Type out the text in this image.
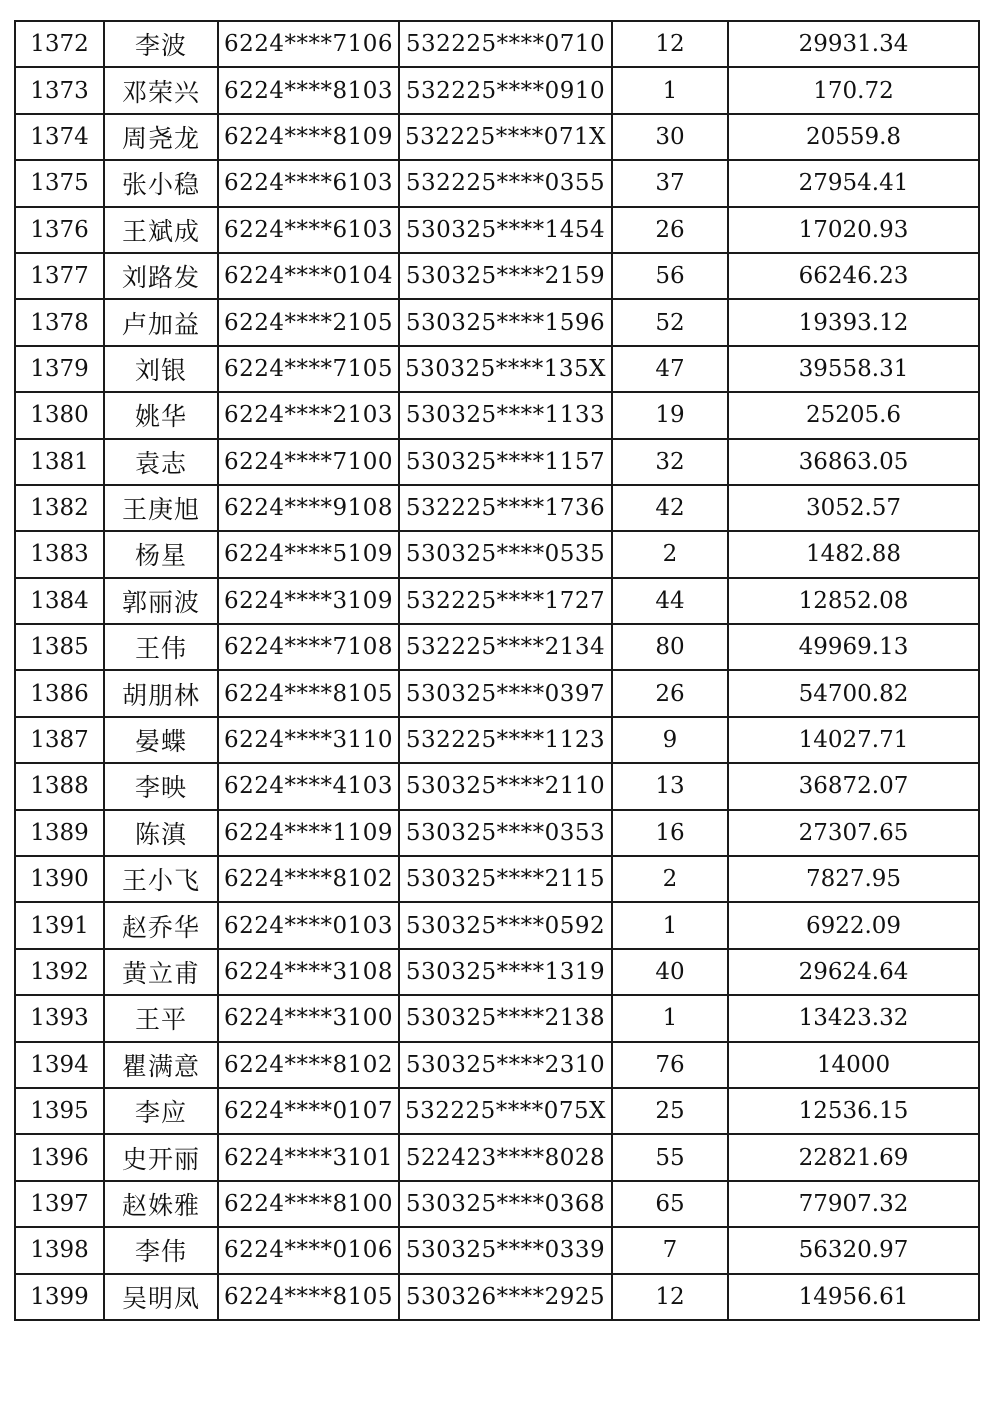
1372	李波	6224****7106	532225****0710	12	29931.34
1373	邓荣兴	6224****8103	532225****0910	1	170.72
1374	周尧龙	6224****8109	532225****071X	30	20559.8
1375	张小稳	6224****6103	532225****0355	37	27954.41
1376	王斌成	6224****6103	530325****1454	26	17020.93
1377	刘路发	6224****0104	530325****2159	56	66246.23
1378	卢加益	6224****2105	530325****1596	52	19393.12
1379	刘银	6224****7105	530325****135X	47	39558.31
1380	姚华	6224****2103	530325****1133	19	25205.6
1381	袁志	6224****7100	530325****1157	32	36863.05
1382	王庚旭	6224****9108	532225****1736	42	3052.57
1383	杨星	6224****5109	530325****0535	2	1482.88
1384	郭丽波	6224****3109	532225****1727	44	12852.08
1385	王伟	6224****7108	532225****2134	80	49969.13
1386	胡朋林	6224****8105	530325****0397	26	54700.82
1387	晏蝶	6224****3110	532225****1123	9	14027.71
1388	李映	6224****4103	530325****2110	13	36872.07
1389	陈滇	6224****1109	530325****0353	16	27307.65
1390	王小飞	6224****8102	530325****2115	2	7827.95
1391	赵乔华	6224****0103	530325****0592	1	6922.09
1392	黄立甫	6224****3108	530325****1319	40	29624.64
1393	王平	6224****3100	530325****2138	1	13423.32
1394	瞿满意	6224****8102	530325****2310	76	14000
1395	李应	6224****0107	532225****075X	25	12536.15
1396	史开丽	6224****3101	522423****8028	55	22821.69
1397	赵姝雅	6224****8100	530325****0368	65	77907.32
1398	李伟	6224****0106	530325****0339	7	56320.97
1399	吴明凤	6224****8105	530326****2925	12	14956.61
